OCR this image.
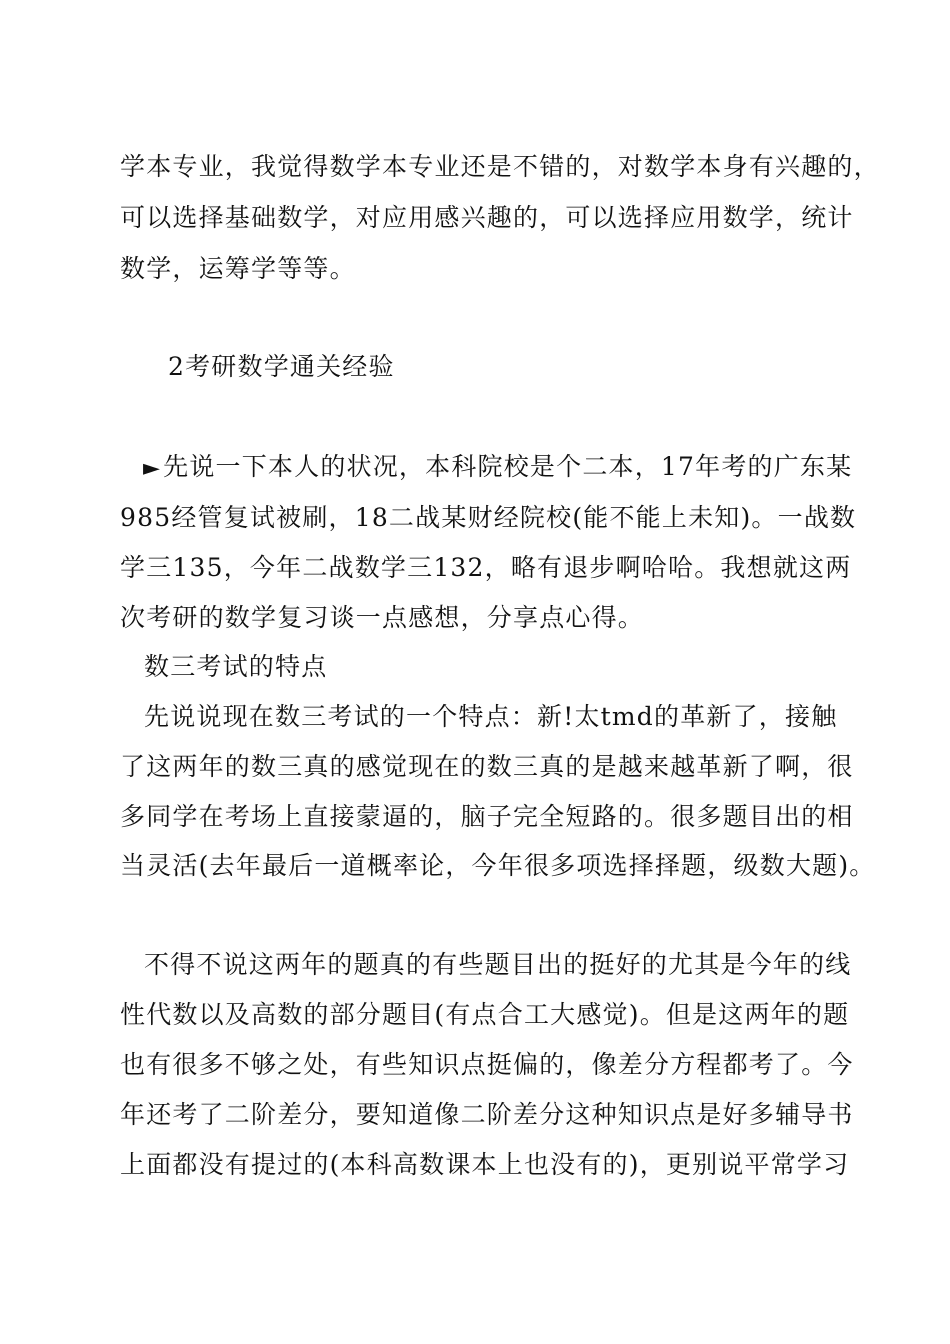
学本专业，我觉得数学本专业还是不错的，对数学本身有兴趣的，
可以选择基础数学，对应用感兴趣的，可以选择应用数学，统计
数学，运筹学等等。
2考研数学通关经验
►先说一下本人的状况，本科院校是个二本，17年考的广东某
985经管复试被刷，18二战某财经院校(能不能上未知)。一战数
学三135，今年二战数学三132，略有退步啊哈哈。我想就这两
次考研的数学复习谈一点感想，分享点心得。
数三考试的特点
先说说现在数三考试的一个特点：新!太tmd的革新了，接触
了这两年的数三真的感觉现在的数三真的是越来越革新了啊，很
多同学在考场上直接蒙逼的，脑子完全短路的。很多题目出的相
当灵活(去年最后一道概率论，今年很多项选择择题，级数大题)。
不得不说这两年的题真的有些题目出的挺好的尤其是今年的线
性代数以及高数的部分题目(有点合工大感觉)。但是这两年的题
也有很多不够之处，有些知识点挺偏的，像差分方程都考了。今
年还考了二阶差分，要知道像二阶差分这种知识点是好多辅导书
上面都没有提过的(本科高数课本上也没有的)，更别说平常学习
